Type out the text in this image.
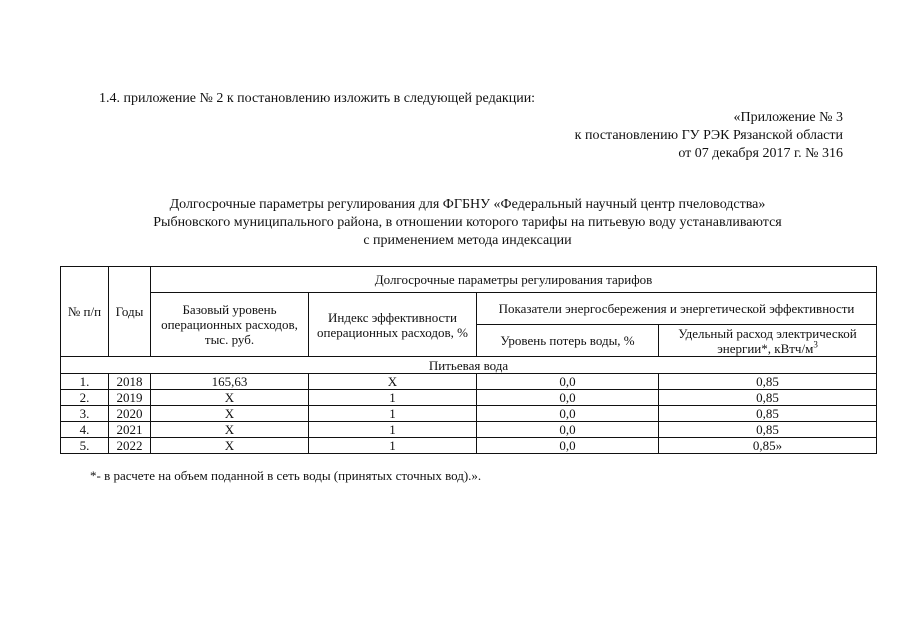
1.4. приложение № 2 к постановлению изложить в следующей редакции:
«Приложение № 3
к постановлению ГУ РЭК Рязанской области
от 07 декабря 2017 г. № 316
Долгосрочные параметры регулирования для ФГБНУ «Федеральный научный центр пчеловодства»
Рыбновского муниципального района, в отношении которого тарифы на питьевую воду устанавливаются
с применением метода индексации
№ п/п	Годы	Долгосрочные параметры регулирования тарифов			
		Базовый уровень операционных расходов, тыс. руб.	Индекс эффективности операционных расходов, %	Показатели энергосбережения и энергетической эффективности	
				Уровень потерь воды, %	Удельный расход электрической энергии*, кВтч/$м^3$
Питьевая вода					
1.	2018	165,63	X	0,0	0,85
2.	2019	X	1	0,0	0,85
3.	2020	X	1	0,0	0,85
4.	2021	X	1	0,0	0,85
5.	2022	X	1	0,0	0,85»
*- в расчете на объем поданной в сеть воды (принятых сточных вод).».
